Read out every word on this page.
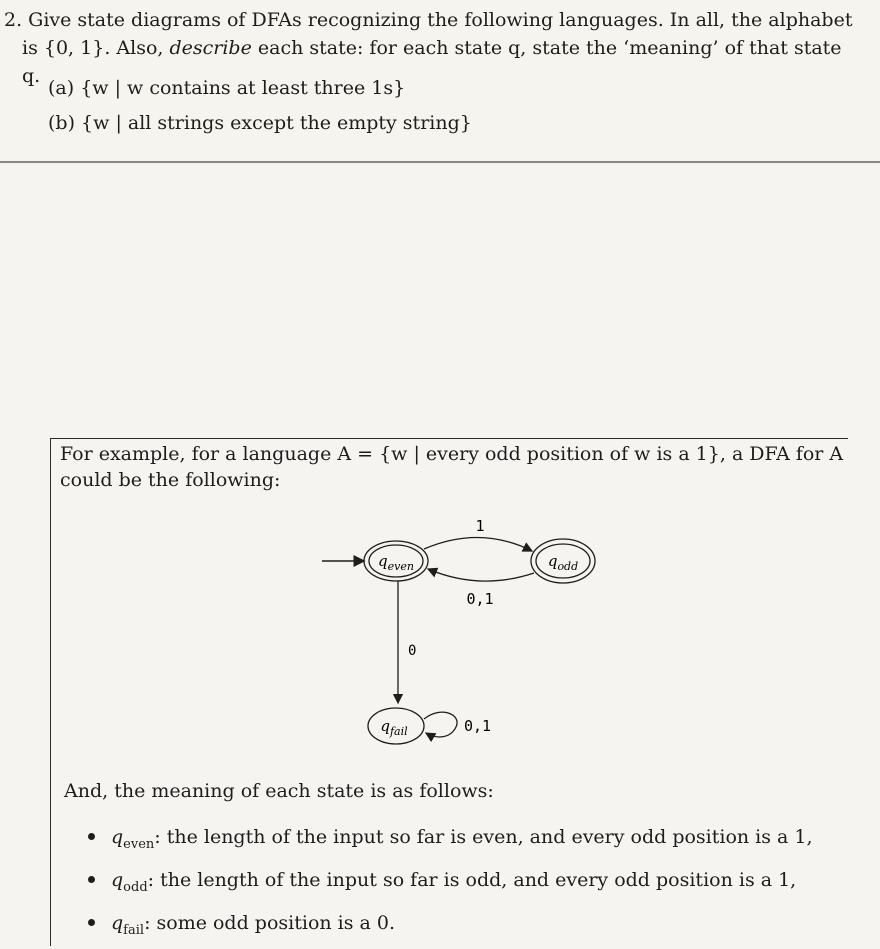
2. Give state diagrams of DFAs recognizing the following languages. In all, the alphabet
is {0, 1}. Also, describe each state: for each state q, state the ‘meaning’ of that state q.
(a) {w | w contains at least three 1s}
(b) {w | all strings except the empty string}
For example, for a language A = {w | every odd position of w is a 1}, a DFA for A
could be the following:
$q_{even}$	$q_{odd}$
1
0,1
0
$q_{fail}$	0,1
And, the meaning of each state is as follows:
$q_{even}$: the length of the input so far is even, and every odd position is a 1,
$q_{odd}$: the length of the input so far is odd, and every odd position is a 1,
$q_{fail}$: some odd position is a 0.
